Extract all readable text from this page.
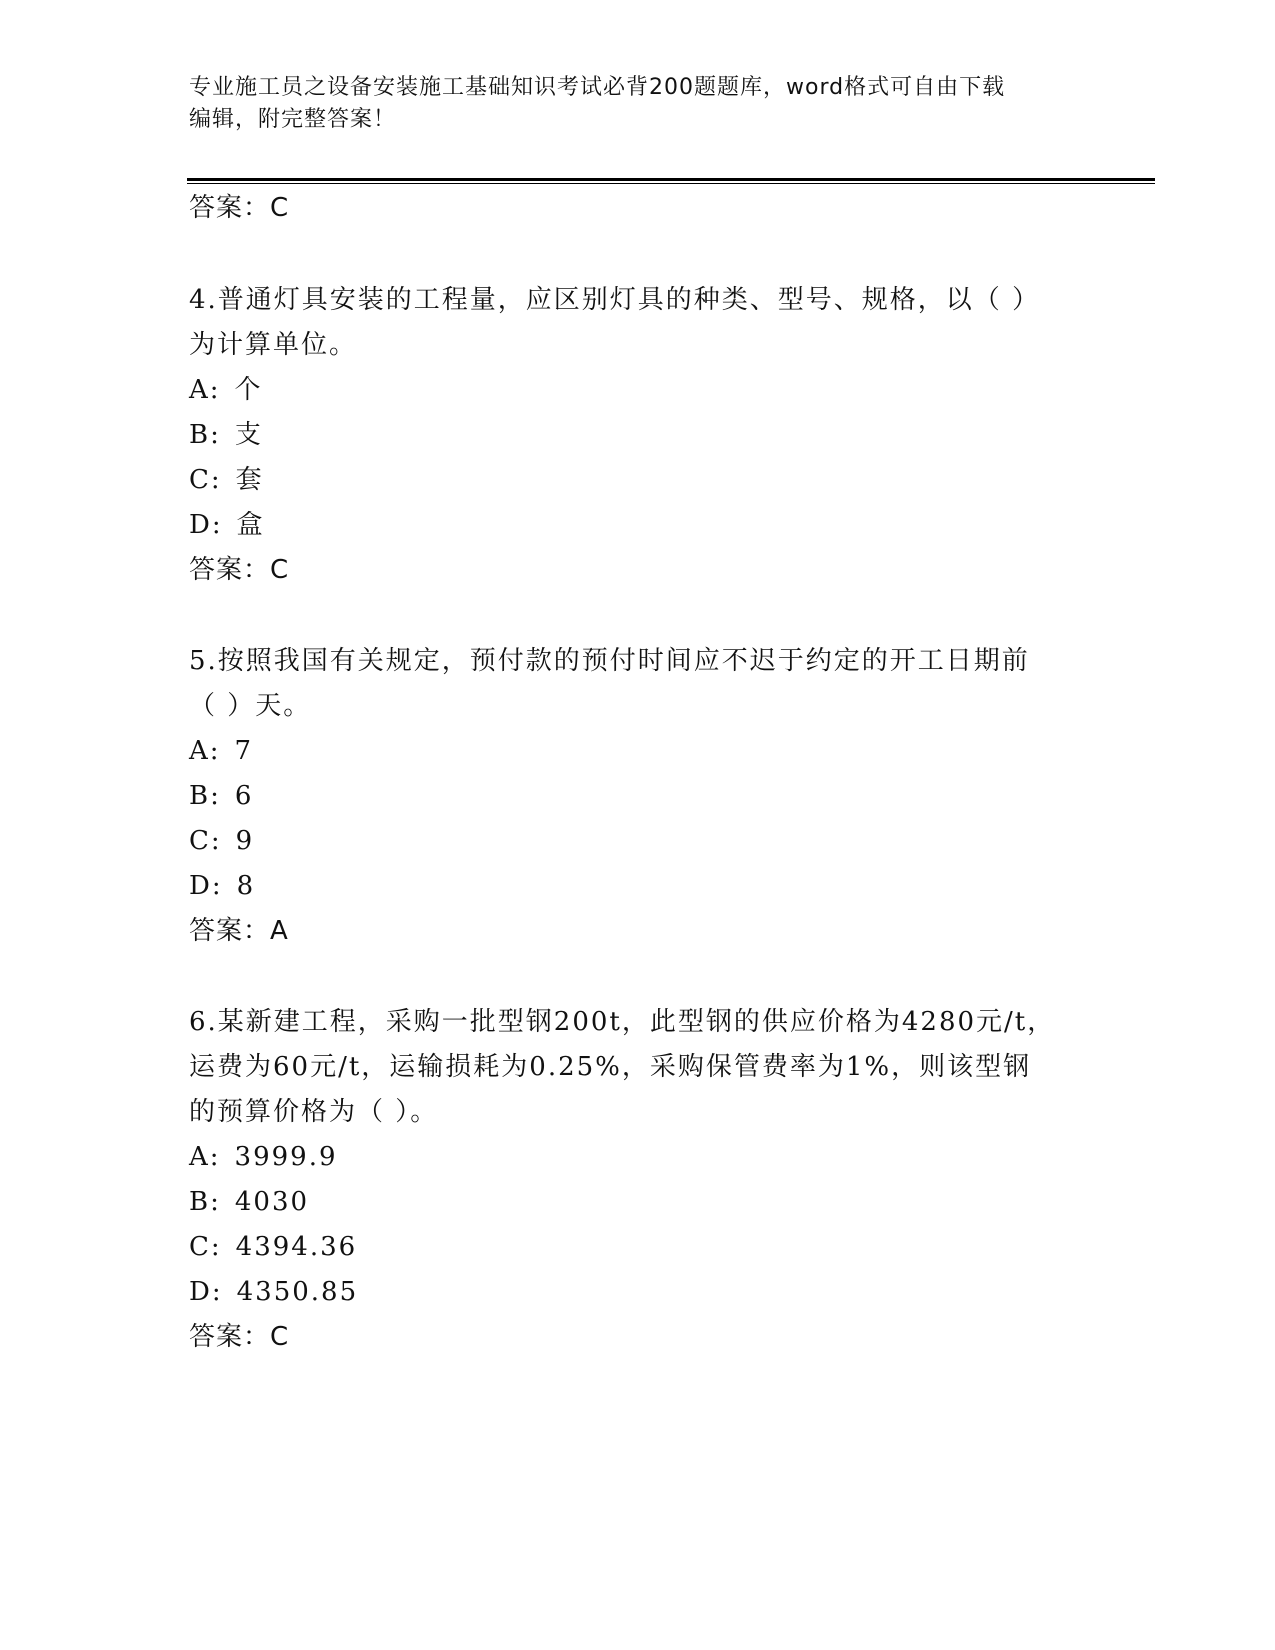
专业施工员之设备安装施工基础知识考试必背200题题库，word格式可自由下载
编辑，附完整答案！
答案：C
4.普通灯具安装的工程量，应区别灯具的种类、型号、规格，以（ ）
为计算单位。
A: 个
B: 支
C: 套
D: 盒
答案：C
5.按照我国有关规定，预付款的预付时间应不迟于约定的开工日期前
（ ）天。
A: 7
B: 6
C: 9
D: 8
答案：A
6.某新建工程，采购一批型钢200t，此型钢的供应价格为4280元/t，
运费为60元/t，运输损耗为0.25%，采购保管费率为1%，则该型钢
的预算价格为（ ）。
A: 3999.9
B: 4030
C: 4394.36
D: 4350.85
答案：C
